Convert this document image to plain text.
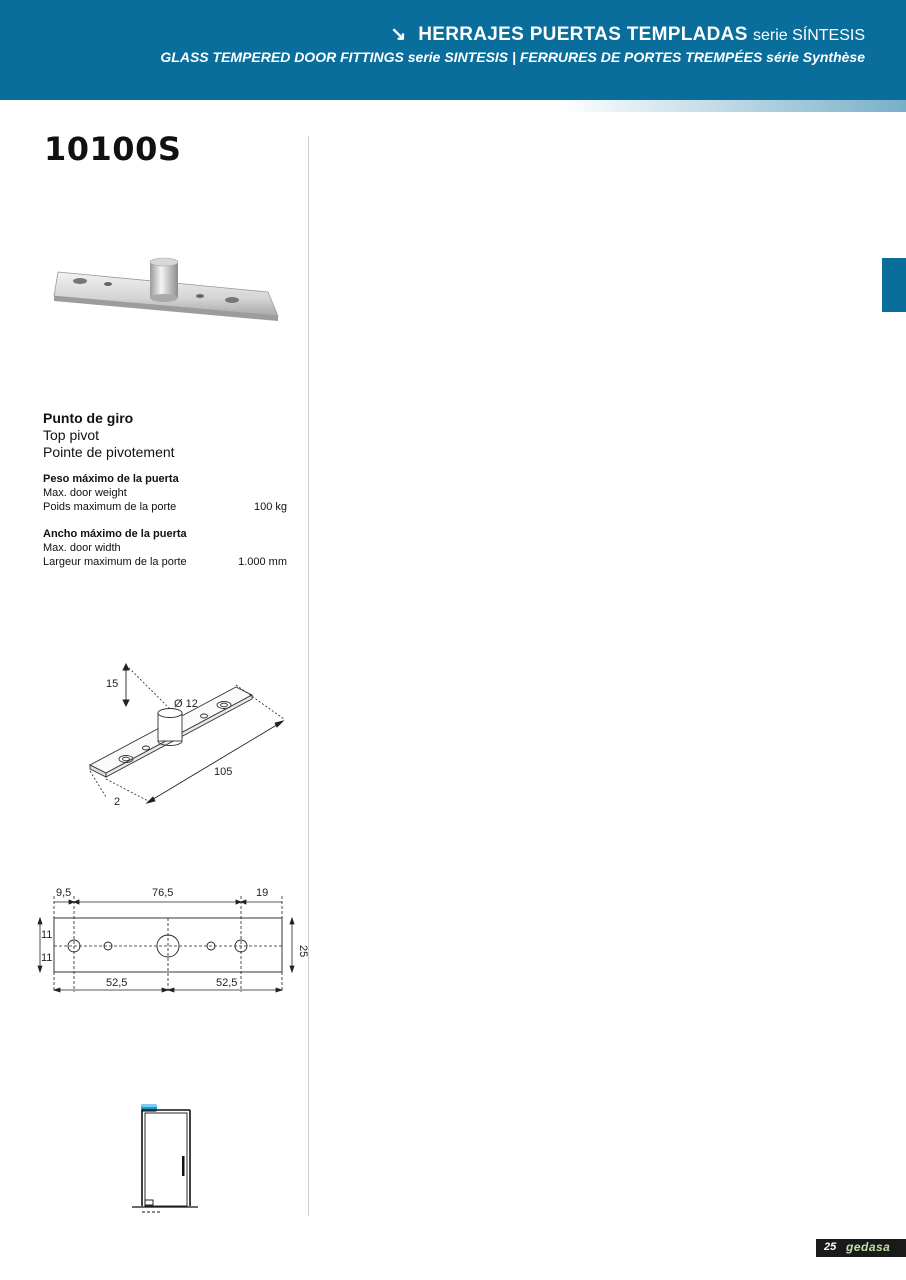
↘ HERRAJES PUERTAS TEMPLADAS serie SÍNTESIS
GLASS TEMPERED DOOR FITTINGS serie SINTESIS | FERRURES DE PORTES TREMPÉES série Synthèse
10100S
Punto de giro
Top pivot
Pointe de pivotement
Peso máximo de la puerta
Max. door weight
Poids maximum de la porte	100 kg
Ancho máximo de la puerta
Max. door width
Largeur maximum de la porte	1.000 mm
15
Ø 12
105
2
9,5	76,5	19
11
11
25
52,5	52,5
25 gedasa
